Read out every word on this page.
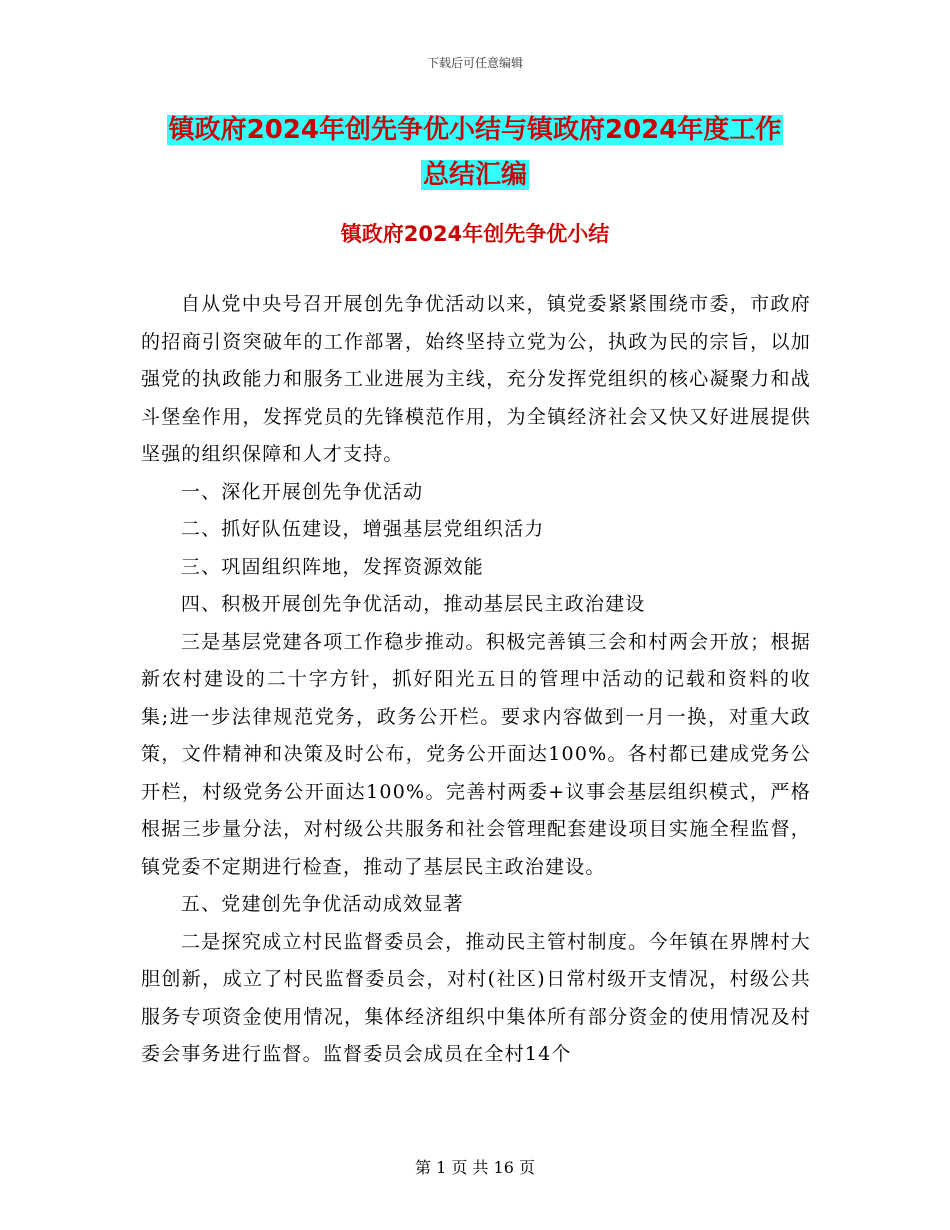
下载后可任意编辑
镇政府2024年创先争优小结与镇政府2024年度工作
总结汇编
镇政府2024年创先争优小结

自从党中央号召开展创先争优活动以来，镇党委紧紧围绕市委，市政府的招商引资突破年的工作部署，始终坚持立党为公，执政为民的宗旨，以加强党的执政能力和服务工业进展为主线，充分发挥党组织的核心凝聚力和战斗堡垒作用，发挥党员的先锋模范作用，为全镇经济社会又快又好进展提供坚强的组织保障和人才支持。

一、深化开展创先争优活动

二、抓好队伍建设，增强基层党组织活力

三、巩固组织阵地，发挥资源效能

四、积极开展创先争优活动，推动基层民主政治建设

三是基层党建各项工作稳步推动。积极完善镇三会和村两会开放；根据新农村建设的二十字方针，抓好阳光五日的管理中活动的记载和资料的收集;进一步法律规范党务，政务公开栏。要求内容做到一月一换，对重大政策，文件精神和决策及时公布，党务公开面达100%。各村都已建成党务公开栏，村级党务公开面达100%。完善村两委+议事会基层组织模式，严格根据三步量分法，对村级公共服务和社会管理配套建设项目实施全程监督，镇党委不定期进行检查，推动了基层民主政治建设。

五、党建创先争优活动成效显著

二是探究成立村民监督委员会，推动民主管村制度。今年镇在界牌村大胆创新，成立了村民监督委员会，对村(社区)日常村级开支情况，村级公共服务专项资金使用情况，集体经济组织中集体所有部分资金的使用情况及村委会事务进行监督。监督委员会成员在全村14个

第 1 页 共 16 页
